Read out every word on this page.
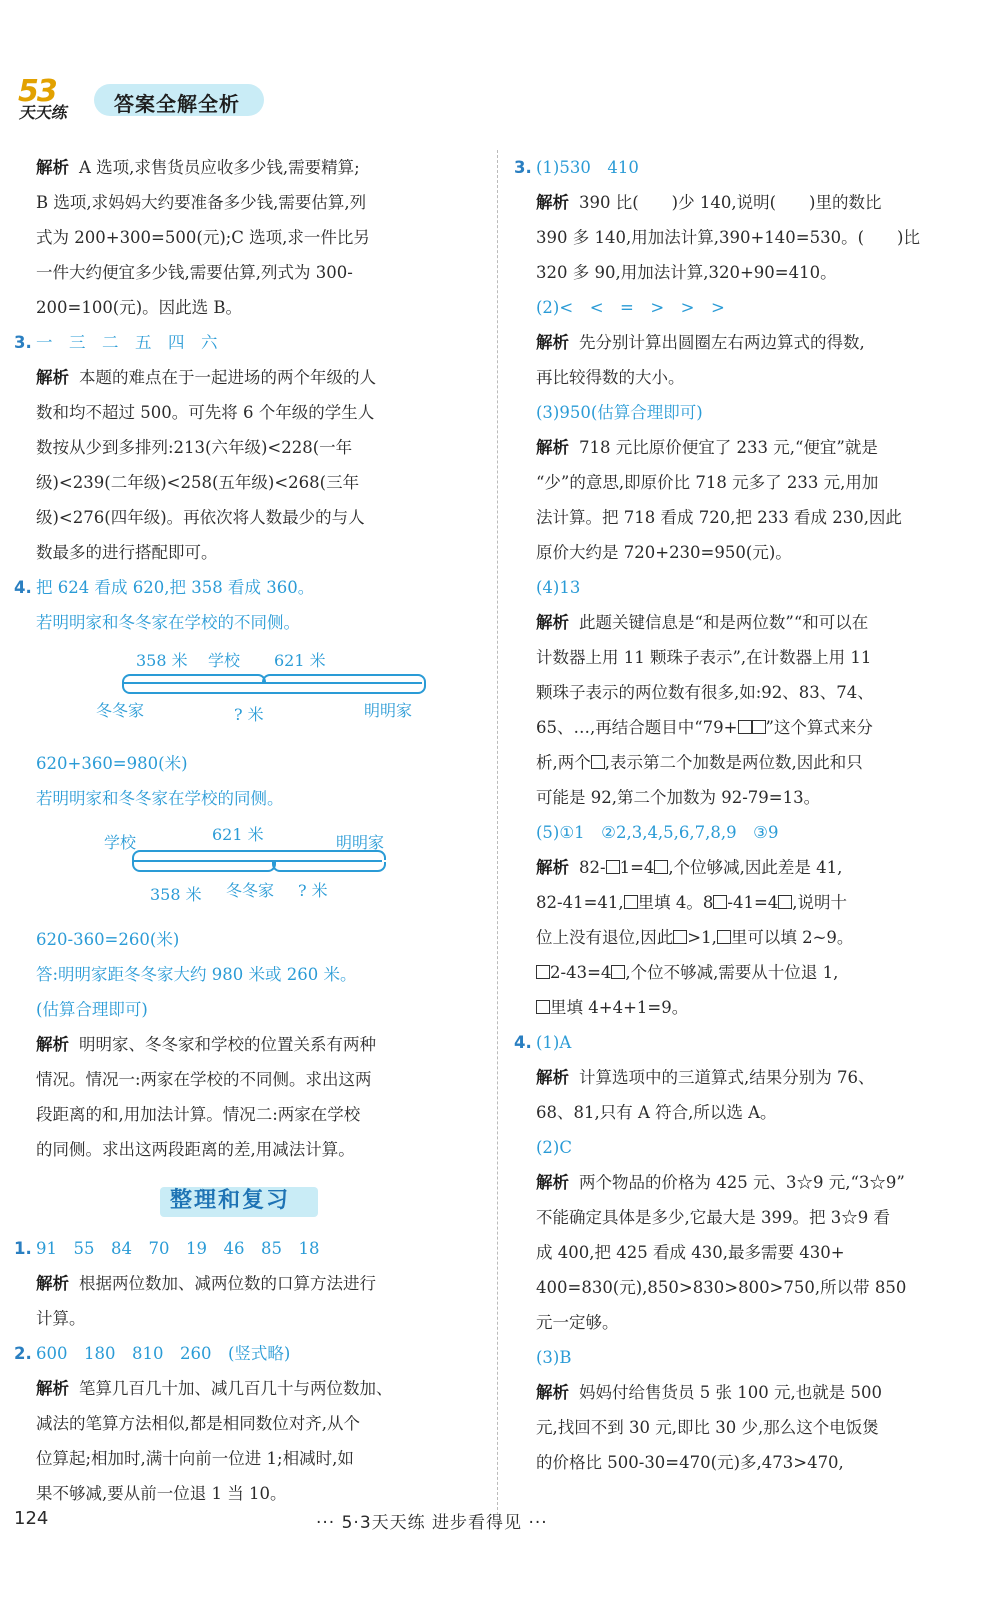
53
天天练 答案全解全析

解析 A 选项,求售货员应收多少钱,需要精算;

B 选项,求妈妈大约要准备多少钱,需要估算,列

式为 200+300=500(元);C 选项,求一件比另

一件大约便宜多少钱,需要估算,列式为 300-

200=100(元)。因此选 B。

3. 一　三　二　五　四　六

解析 本题的难点在于一起进场的两个年级的人

数和均不超过 500。可先将 6 个年级的学生人

数按从少到多排列:213(六年级)<228(一年

级)<239(二年级)<258(五年级)<268(三年

级)<276(四年级)。再依次将人数最少的与人

数最多的进行搭配即可。

4. 把 624 看成 620,把 358 看成 360。

若明明家和冬冬家在学校的不同侧。

358 米 学校 621 米
冬冬家	? 米	明明家

620+360=980(米)

若明明家和冬冬家在学校的同侧。

学校	621 米	明明家
358 米 冬冬家 ? 米

620-360=260(米)

答:明明家距冬冬家大约 980 米或 260 米。

(估算合理即可)

解析 明明家、冬冬家和学校的位置关系有两种

情况。情况一:两家在学校的不同侧。求出这两

段距离的和,用加法计算。情况二:两家在学校

的同侧。求出这两段距离的差,用减法计算。

整理和复习

1. 91　55　84　70　19　46　85　18

解析 根据两位数加、减两位数的口算方法进行

计算。

2. 600　180　810　260　(竖式略)

解析 笔算几百几十加、减几百几十与两位数加、

减法的笔算方法相似,都是相同数位对齐,从个

位算起;相加时,满十向前一位进 1;相减时,如

果不够减,要从前一位退 1 当 10。

3. (1)530　410

解析 390 比(　　)少 140,说明(　　)里的数比

390 多 140,用加法计算,390+140=530。(　　)比

320 多 90,用加法计算,320+90=410。

(2)<　<　=　>　>　>

解析 先分别计算出圆圈左右两边算式的得数,

再比较得数的大小。

(3)950(估算合理即可)

解析 718 元比原价便宜了 233 元,“便宜”就是

“少”的意思,即原价比 718 元多了 233 元,用加

法计算。把 718 看成 720,把 233 看成 230,因此

原价大约是 720+230=950(元)。

(4)13

解析 此题关键信息是“和是两位数”“和可以在

计数器上用 11 颗珠子表示”,在计数器上用 11

颗珠子表示的两位数有很多,如:92、83、74、

65、…,再结合题目中“79+ ”这个算式来分

析,两个 ,表示第二个加数是两位数,因此和只

可能是 92,第二个加数为 92-79=13。

(5)①1　②2,3,4,5,6,7,8,9　③9

解析 82- 1=4 ,个位够减,因此差是 41,

82-41=41, 里填 4。8 -41=4 ,说明十

位上没有退位,因此 >1, 里可以填 2~9。

2-43=4 ,个位不够减,需要从十位退 1,

里填 4+4+1=9。

4. (1)A

解析 计算选项中的三道算式,结果分别为 76、

68、81,只有 A 符合,所以选 A。

(2)C

解析 两个物品的价格为 425 元、3☆9 元,“3☆9”

不能确定具体是多少,它最大是 399。把 3☆9 看

成 400,把 425 看成 430,最多需要 430+

400=830(元),850>830>800>750,所以带 850

元一定够。

(3)B

解析 妈妈付给售货员 5 张 100 元,也就是 500

元,找回不到 30 元,即比 30 少,那么这个电饭煲

的价格比 500-30=470(元)多,473>470,

124	··· 5·3天天练 进步看得见 ···
